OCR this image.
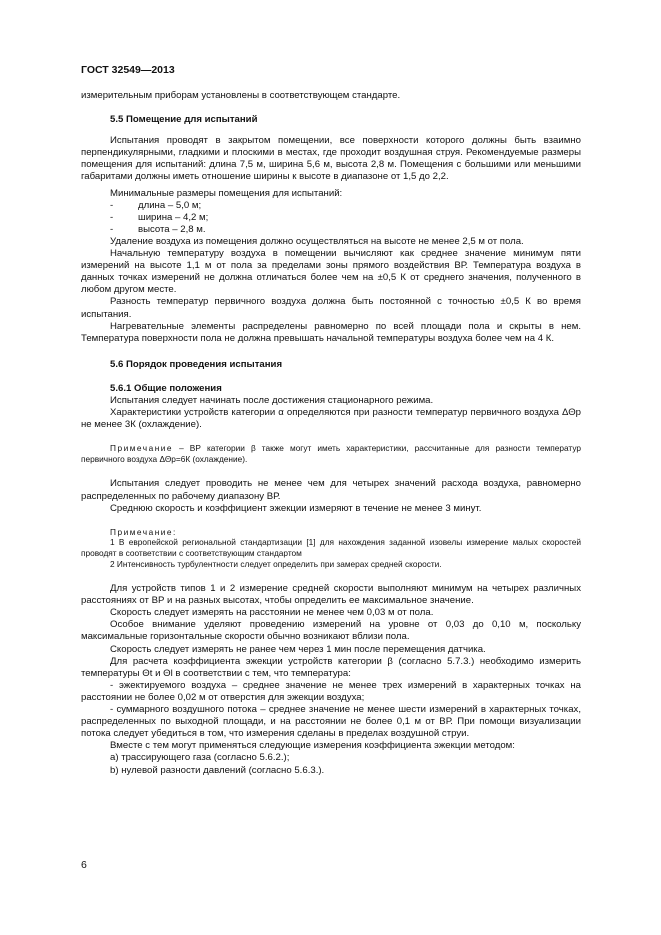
ГОСТ 32549—2013

измерительным приборам установлены в соответствующем стандарте.

5.5 Помещение для испытаний

Испытания проводят в закрытом помещении, все поверхности которого должны быть взаимно перпендикулярными, гладкими и плоскими в местах, где проходит воздушная струя. Рекомендуемые размеры помещения для испытаний: длина 7,5 м, ширина 5,6 м, высота 2,8 м. Помещения с большими или меньшими габаритами должны иметь отношение ширины к высоте в диапазоне от 1,5 до 2,2.

Минимальные размеры помещения для испытаний:

-	длина – 5,0 м;
-	ширина – 4,2 м;
-	высота – 2,8 м.

Удаление воздуха из помещения должно осуществляться на высоте не менее 2,5 м от пола.

Начальную температуру воздуха в помещении вычисляют как среднее значение минимум пяти измерений на высоте 1,1 м от пола за пределами зоны прямого воздействия ВР. Температура воздуха в данных точках измерений не должна отличаться более чем на ±0,5 К от среднего значения, полученного в любом другом месте.

Разность температур первичного воздуха должна быть постоянной с точностью ±0,5 К во время испытания.

Нагревательные элементы распределены равномерно по всей площади пола и скрыты в нем. Температура поверхности пола не должна превышать начальной температуры воздуха более чем на 4 К.

5.6 Порядок проведения испытания
5.6.1 Общие положения

Испытания следует начинать после достижения стационарного режима.

Характеристики устройств категории α определяются при разности температур первичного воздуха ΔΘp не менее 3К (охлаждение).

Примечание – ВР категории β также могут иметь характеристики, рассчитанные для разности температур первичного воздуха ΔΘp=6К (охлаждение).

Испытания следует проводить не менее чем для четырех значений расхода воздуха, равномерно распределенных по рабочему диапазону ВР.

Среднюю скорость и коэффициент эжекции измеряют в течение не менее 3 минут.

Примечание:

1 В европейской региональной стандартизации [1] для нахождения заданной изовелы измерение малых скоростей проводят в соответствии с соответствующим стандартом

2 Интенсивность турбулентности следует определить при замерах средней скорости.

Для устройств типов 1 и 2 измерение средней скорости выполняют минимум на четырех различных расстояниях от ВР и на разных высотах, чтобы определить ее максимальное значение.

Скорость следует измерять на расстоянии не менее чем 0,03 м от пола.

Особое внимание уделяют проведению измерений на уровне от 0,03 до 0,10 м, поскольку максимальные горизонтальные скорости обычно возникают вблизи пола.

Скорость следует измерять не ранее чем через 1 мин после перемещения датчика.

Для расчета коэффициента эжекции устройств категории β (согласно 5.7.3.) необходимо измерить температуры Θt и Θl в соответствии с тем, что температура:

- эжектируемого воздуха – среднее значение не менее трех измерений в характерных точках на расстоянии не более 0,02 м от отверстия для эжекции воздуха;

- суммарного воздушного потока – среднее значение не менее шести измерений в характерных точках, распределенных по выходной площади, и на расстоянии не более 0,1 м от ВР. При помощи визуализации потока следует убедиться в том, что измерения сделаны в пределах воздушной струи.

Вместе с тем могут применяться следующие измерения коэффициента эжекции методом:

a) трассирующего газа (согласно 5.6.2.);

b) нулевой разности давлений (согласно 5.6.3.).

6
